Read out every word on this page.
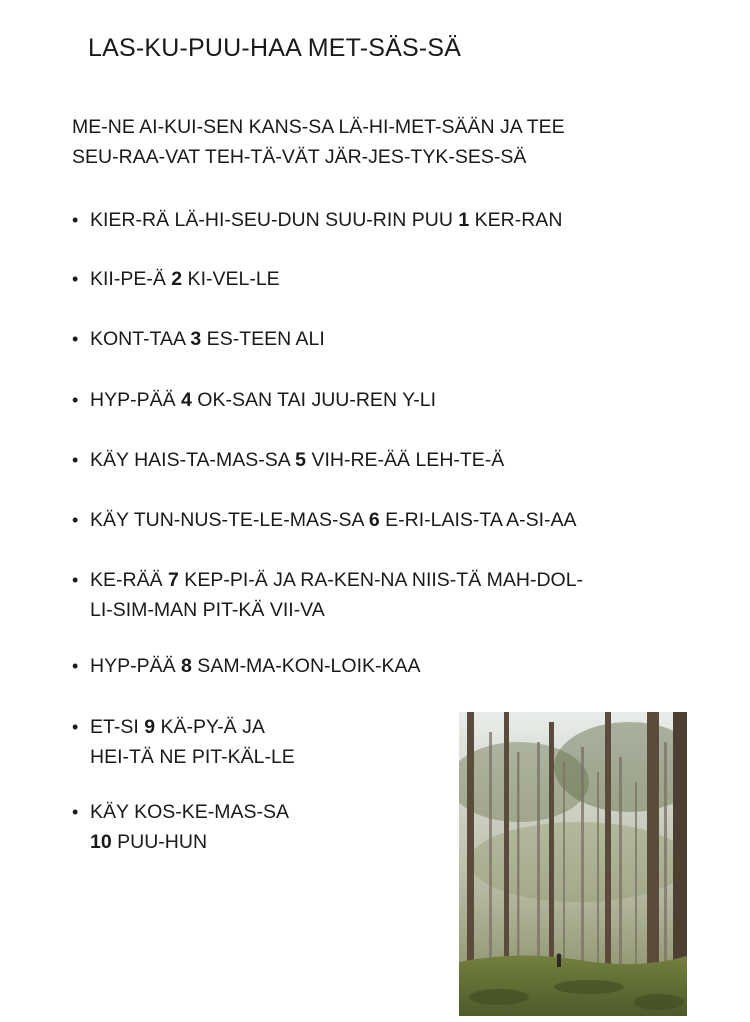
LAS-KU-PUU-HAA MET-SÄS-SÄ

ME-NE AI-KUI-SEN KANS-SA LÄ-HI-MET-SÄÄN JA TEE
SEU-RAA-VAT TEH-TÄ-VÄT JÄR-JES-TYK-SES-SÄ

• KIER-RÄ LÄ-HI-SEU-DUN SUU-RIN PUU 1 KER-RAN
• KII-PE-Ä 2 KI-VEL-LE
• KONT-TAA 3 ES-TEEN ALI
• HYP-PÄÄ 4 OK-SAN TAI JUU-REN Y-LI
• KÄY HAIS-TA-MAS-SA 5 VIH-RE-ÄÄ LEH-TE-Ä
• KÄY TUN-NUS-TE-LE-MAS-SA 6 E-RI-LAIS-TA A-SI-AA
• KE-RÄÄ 7 KEP-PI-Ä JA RA-KEN-NA NIIS-TÄ MAH-DOL-
LI-SIM-MAN PIT-KÄ VII-VA
• HYP-PÄÄ 8 SAM-MA-KON-LOIK-KAA
• ET-SI 9 KÄ-PY-Ä JA
HEI-TÄ NE PIT-KÄL-LE
• KÄY KOS-KE-MAS-SA
10 PUU-HUN
